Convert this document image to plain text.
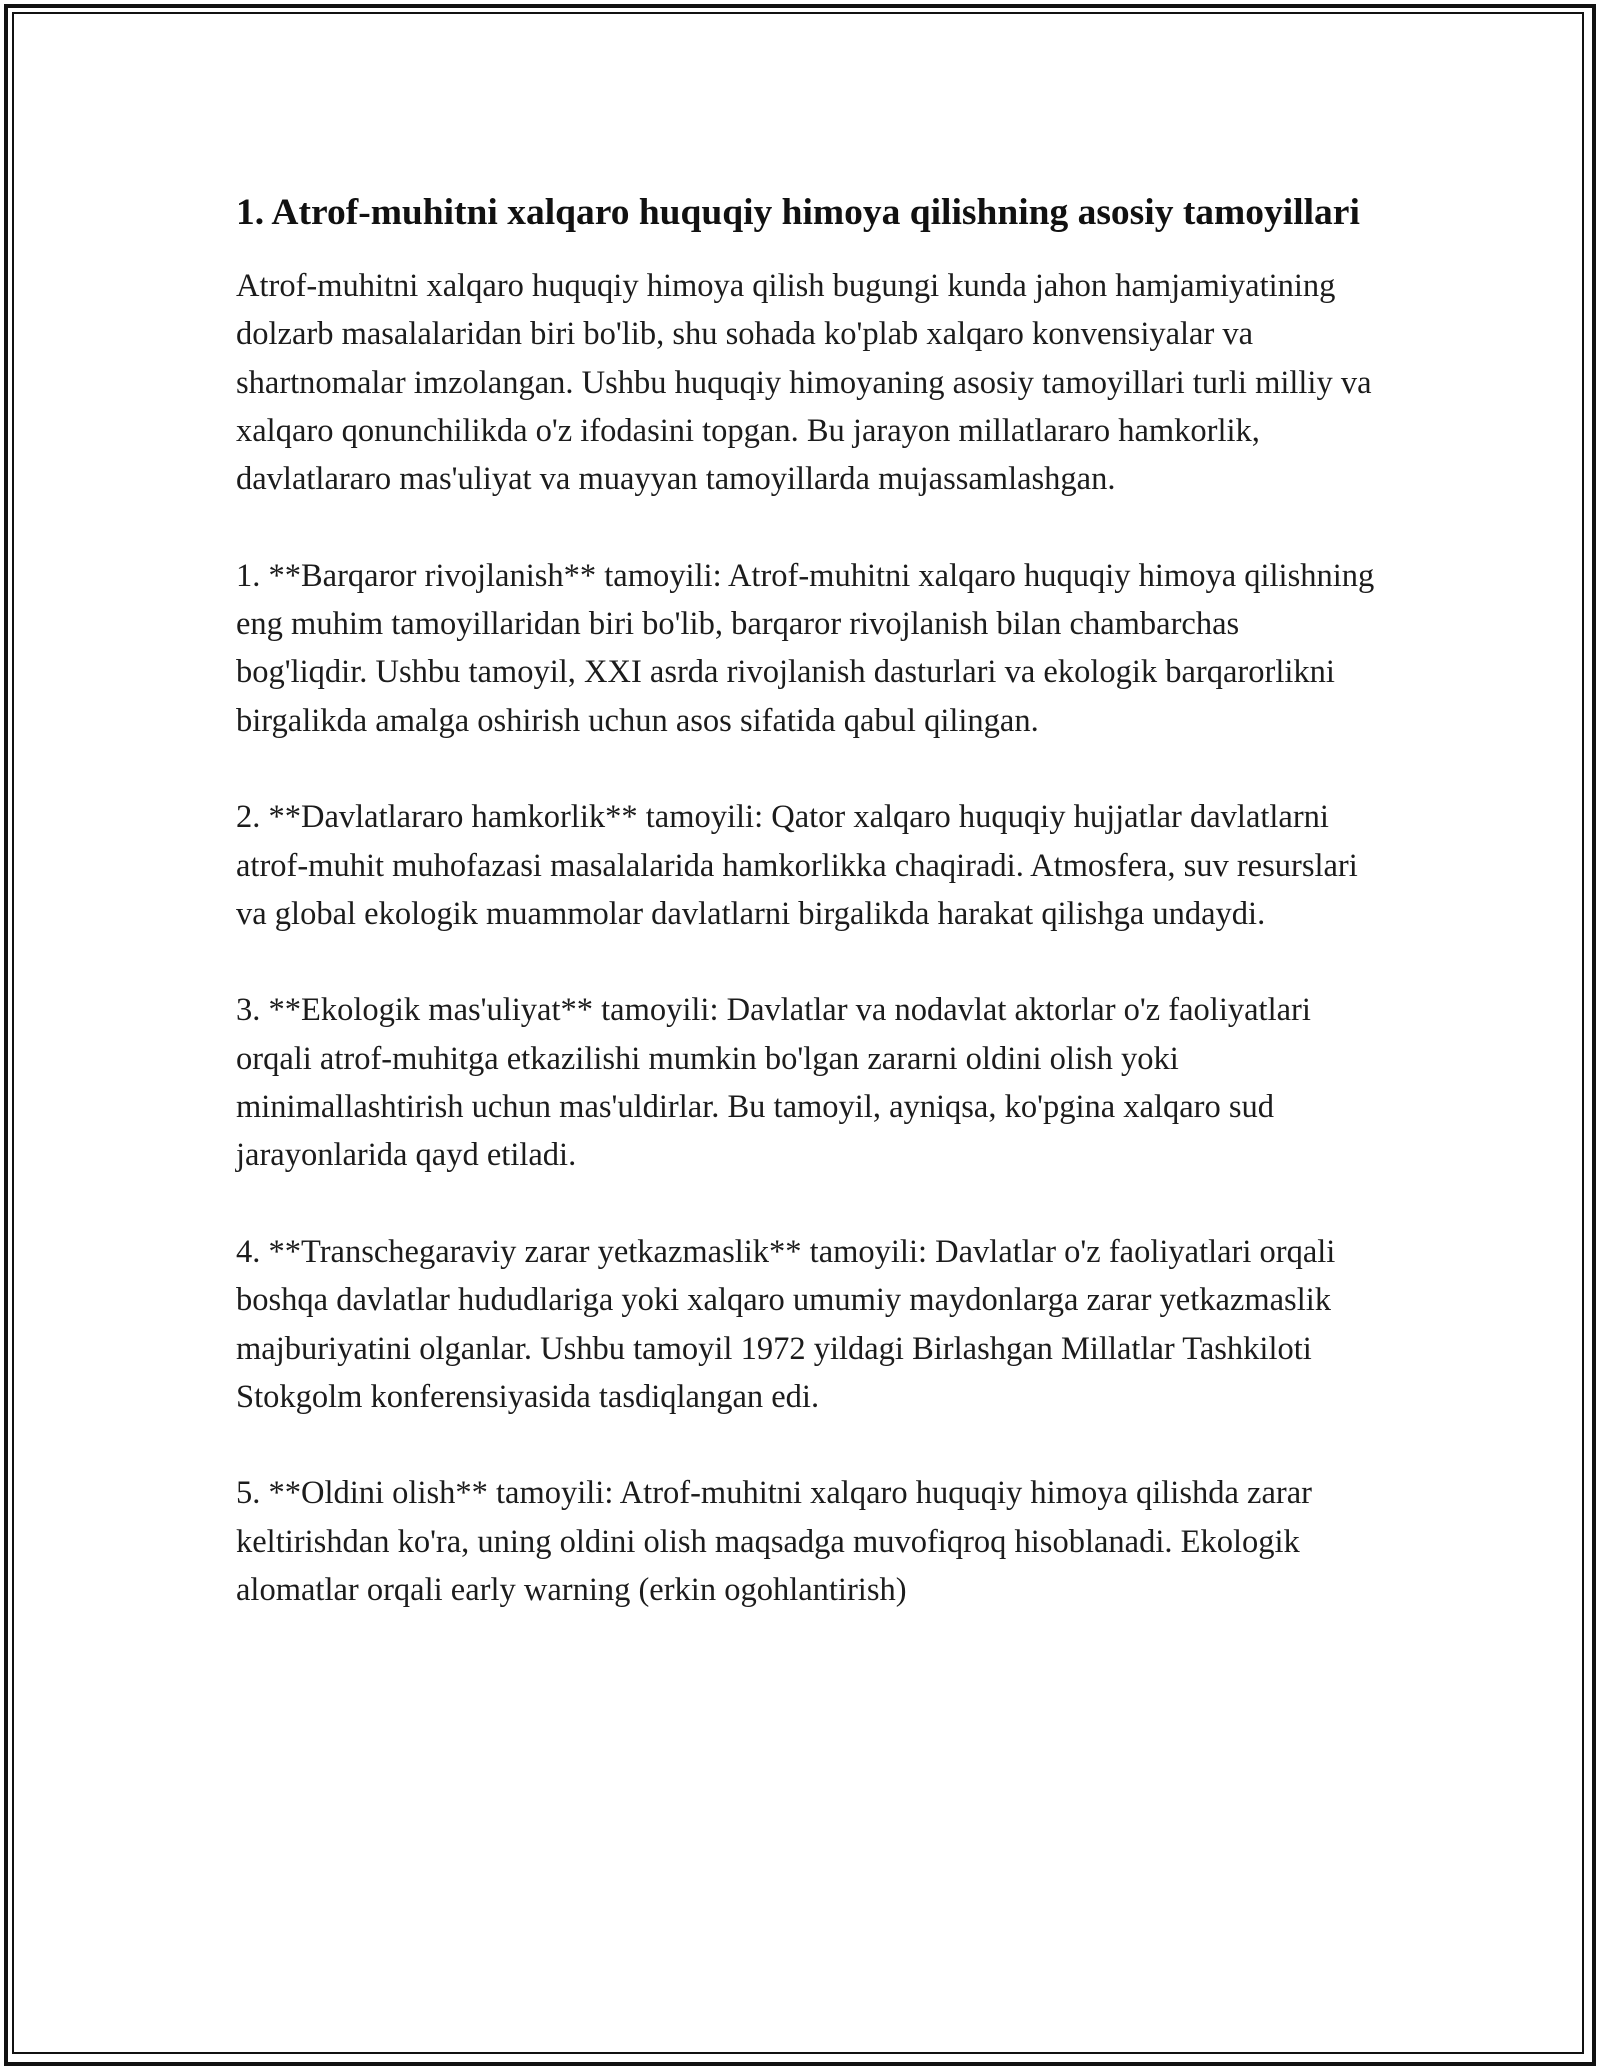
1. Atrof-muhitni xalqaro huquqiy himoya qilishning asosiy tamoyillari

Atrof-muhitni xalqaro huquqiy himoya qilish bugungi kunda jahon hamjamiyatining dolzarb masalalaridan biri bo'lib, shu sohada ko'plab xalqaro konvensiyalar va shartnomalar imzolangan. Ushbu huquqiy himoyaning asosiy tamoyillari turli milliy va xalqaro qonunchilikda o'z ifodasini topgan. Bu jarayon millatlararo hamkorlik, davlatlararo mas'uliyat va muayyan tamoyillarda mujassamlashgan.

1. **Barqaror rivojlanish** tamoyili: Atrof-muhitni xalqaro huquqiy himoya qilishning eng muhim tamoyillaridan biri bo'lib, barqaror rivojlanish bilan chambarchas bog'liqdir. Ushbu tamoyil, XXI asrda rivojlanish dasturlari va ekologik barqarorlikni birgalikda amalga oshirish uchun asos sifatida qabul qilingan.

2. **Davlatlararo hamkorlik** tamoyili: Qator xalqaro huquqiy hujjatlar davlatlarni atrof-muhit muhofazasi masalalarida hamkorlikka chaqiradi. Atmosfera, suv resurslari va global ekologik muammolar davlatlarni birgalikda harakat qilishga undaydi.

3. **Ekologik mas'uliyat** tamoyili: Davlatlar va nodavlat aktorlar o'z faoliyatlari orqali atrof-muhitga etkazilishi mumkin bo'lgan zararni oldini olish yoki minimallashtirish uchun mas'uldirlar. Bu tamoyil, ayniqsa, ko'pgina xalqaro sud jarayonlarida qayd etiladi.

4. **Transchegaraviy zarar yetkazmaslik** tamoyili: Davlatlar o'z faoliyatlari orqali boshqa davlatlar hududlariga yoki xalqaro umumiy maydonlarga zarar yetkazmaslik majburiyatini olganlar. Ushbu tamoyil 1972 yildagi Birlashgan Millatlar Tashkiloti Stokgolm konferensiyasida tasdiqlangan edi.

5. **Oldini olish** tamoyili: Atrof-muhitni xalqaro huquqiy himoya qilishda zarar keltirishdan ko'ra, uning oldini olish maqsadga muvofiqroq hisoblanadi. Ekologik alomatlar orqali early warning (erkin ogohlantirish)
